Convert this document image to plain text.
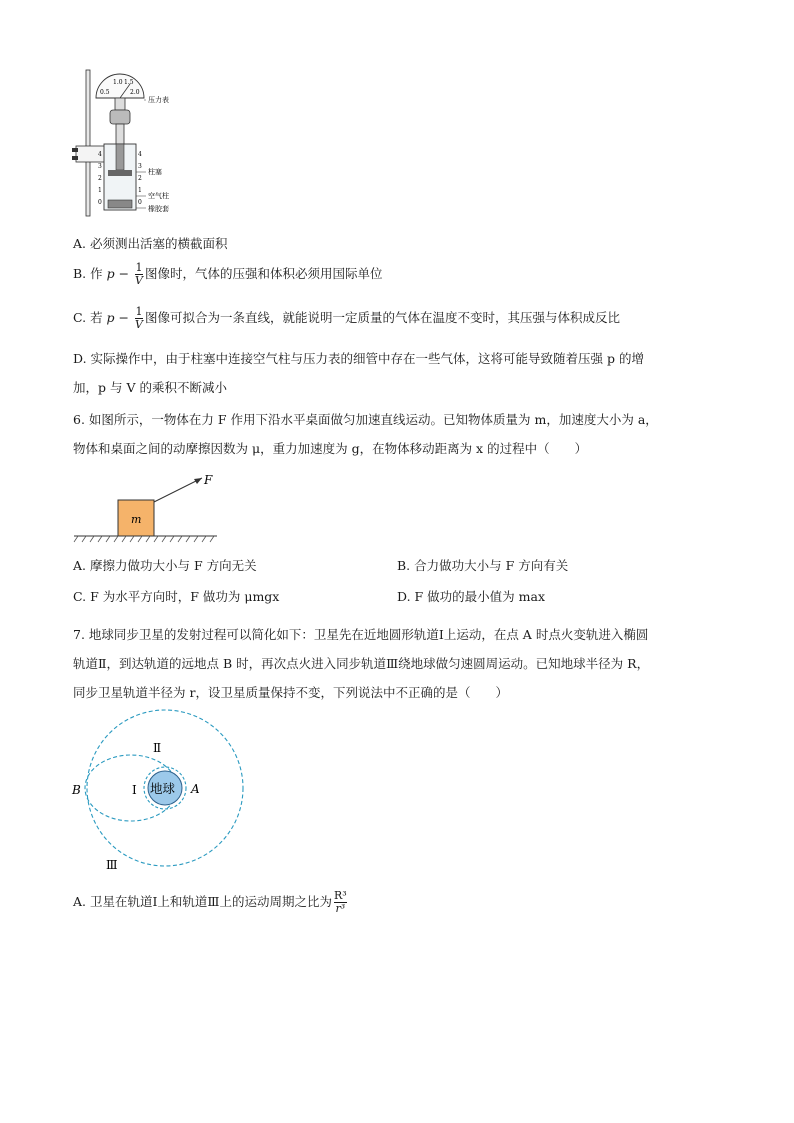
1.0 1.5
0.5	2.0
4
3
2
1
0
4
3
2
1
0
压力表
柱塞
空气柱
橡胶套
A. 必须测出活塞的横截面积
B. 作 $p - \frac{1}{V}$ 图像时，气体的压强和体积必须用国际单位
C. 若 $p - \frac{1}{V}$ 图像可拟合为一条直线，就能说明一定质量的气体在温度不变时，其压强与体积成反比
D. 实际操作中，由于柱塞中连接空气柱与压力表的细管中存在一些气体，这将可能导致随着压强 p 的增
加，p 与 V 的乘积不断减小
6. 如图所示，一物体在力 F 作用下沿水平桌面做匀加速直线运动。已知物体质量为 m，加速度大小为 a，
物体和桌面之间的动摩擦因数为 μ，重力加速度为 g，在物体移动距离为 x 的过程中（　　）
m
F
A. 摩擦力做功大小与 F 方向无关	B. 合力做功大小与 F 方向有关
C. F 为水平方向时，F 做功为 μmgx	D. F 做功的最小值为 max
7. 地球同步卫星的发射过程可以简化如下：卫星先在近地圆形轨道Ⅰ上运动，在点 A 时点火变轨进入椭圆
轨道Ⅱ，到达轨道的远地点 B 时，再次点火进入同步轨道Ⅲ绕地球做匀速圆周运动。已知地球半径为 R，
同步卫星轨道半径为 r，设卫星质量保持不变，下列说法中不正确的是（　　）
地球 A
B	Ⅰ
Ⅱ
Ⅲ
A. 卫星在轨道Ⅰ上和轨道Ⅲ上的运动周期之比为 $\frac{\text{R³}}{\text{r³}}$
